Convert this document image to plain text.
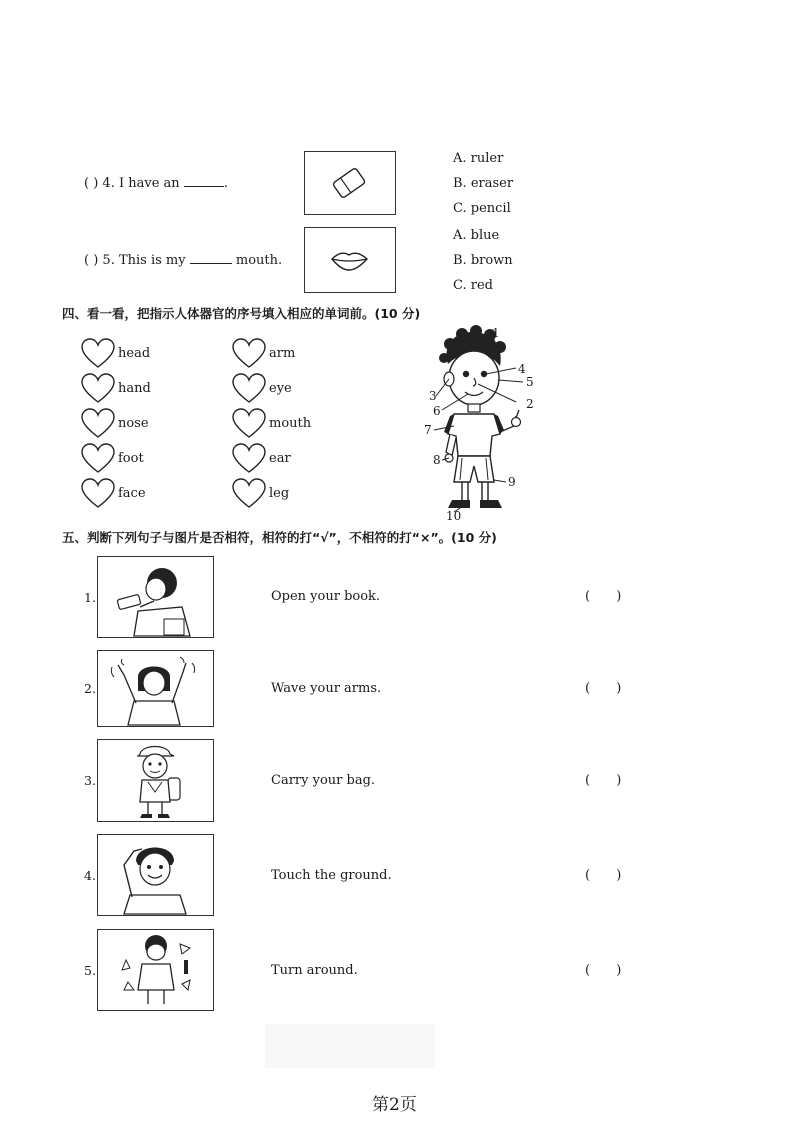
( ) 4. I have an	.
A. ruler
B. eraser
C. pencil
( ) 5. This is my	mouth.
A. blue
B. brown
C. red
四、看一看，把指示人体器官的序号填入相应的单词前。(10 分)
head
hand
nose
foot
face
arm
eye
mouth
ear
leg
1
2
3
4
5
6
7
8
9
10
五、判断下列句子与图片是否相符，相符的打“√”，不相符的打“×”。(10 分)
1.	Open your book.	( )
2.	Wave your arms.	( )
3.	Carry your bag.	( )
4.	Touch the ground.	( )
5.	Turn around.	( )
第2页
